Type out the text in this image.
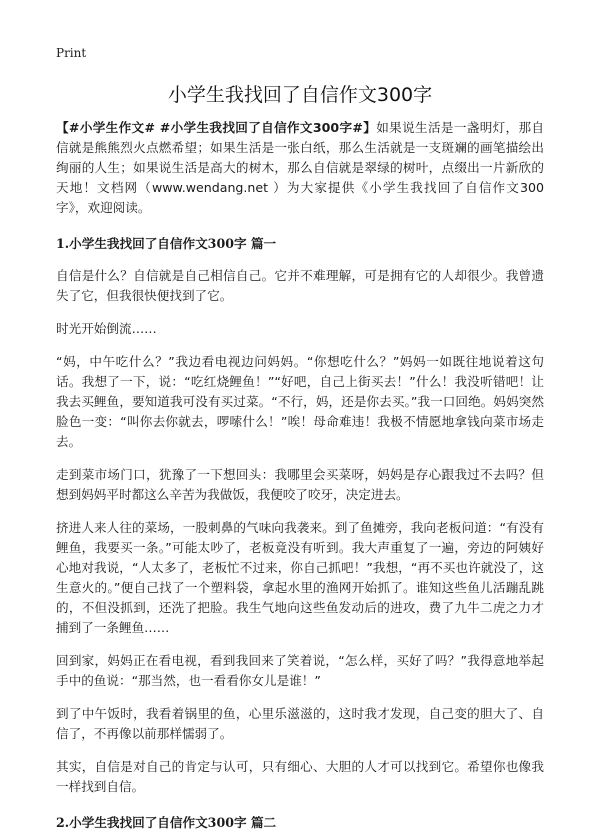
Print
小学生我找回了自信作文300字

【#小学生作文# #小学生我找回了自信作文300字#】如果说生活是一盏明灯，那自信就是熊熊烈火点燃希望；如果生活是一张白纸，那么生活就是一支斑斓的画笔描绘出绚丽的人生；如果说生活是高大的树木，那么自信就是翠绿的树叶，点缀出一片新欣的天地！文档网（www.wendang.net ）为大家提供《小学生我找回了自信作文300字》，欢迎阅读。

1.小学生我找回了自信作文300字 篇一

自信是什么？自信就是自己相信自己。它并不难理解，可是拥有它的人却很少。我曾遗失了它，但我很快便找到了它。

时光开始倒流……

“妈，中午吃什么？”我边看电视边问妈妈。“你想吃什么？”妈妈一如既往地说着这句话。我想了一下，说：“吃红烧鲤鱼！”“好吧，自己上街买去！”什么！我没听错吧！让我去买鲤鱼，要知道我可没有买过菜。“不行，妈，还是你去买。”我一口回绝。妈妈突然脸色一变：“叫你去你就去，啰嗦什么！”唉！母命难违！我极不情愿地拿钱向菜市场走去。

走到菜市场门口，犹豫了一下想回头：我哪里会买菜呀，妈妈是存心跟我过不去吗？但想到妈妈平时都这么辛苦为我做饭，我便咬了咬牙，决定进去。

挤进人来人往的菜场，一股刺鼻的气味向我袭来。到了鱼摊旁，我向老板问道：“有没有鲤鱼，我要买一条。”可能太吵了，老板竟没有听到。我大声重复了一遍，旁边的阿姨好心地对我说，“人太多了，老板忙不过来，你自己抓吧！”我想，“再不买也许就没了，这生意火的。”便自己找了一个塑料袋，拿起水里的渔网开始抓了。谁知这些鱼儿活蹦乱跳的，不但没抓到，还洗了把脸。我生气地向这些鱼发动后的进攻，费了九牛二虎之力才捕到了一条鲤鱼……

回到家，妈妈正在看电视，看到我回来了笑着说，“怎么样，买好了吗？”我得意地举起手中的鱼说：“那当然，也一看看你女儿是谁！”

到了中午饭时，我看着锅里的鱼，心里乐滋滋的，这时我才发现，自己变的胆大了、自信了，不再像以前那样懦弱了。

其实，自信是对自己的肯定与认可，只有细心、大胆的人才可以找到它。希望你也像我一样找到自信。

2.小学生我找回了自信作文300字 篇二
